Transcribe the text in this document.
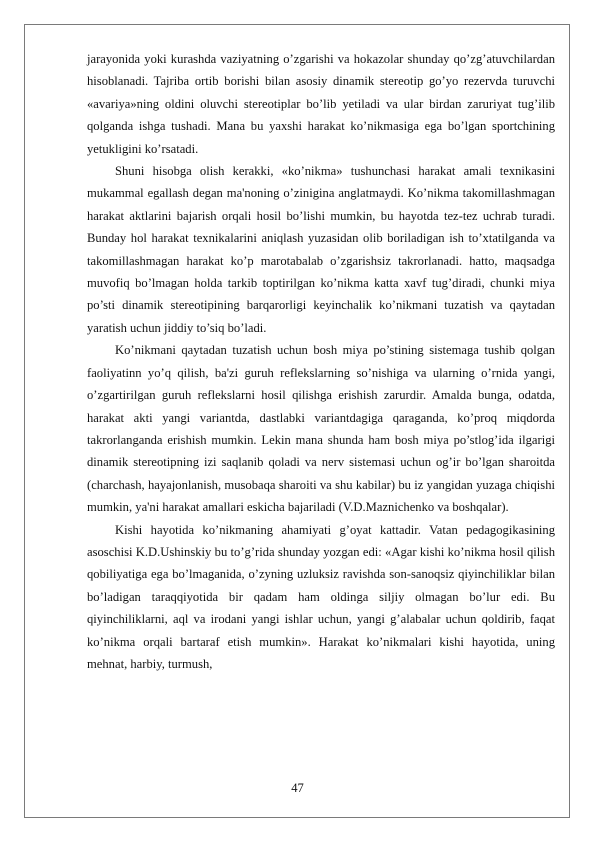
jarayonida yoki kurashda vaziyatning o’zgarishi va hokazolar shunday qo’zg’atuvchilardan hisoblanadi. Tajriba ortib borishi bilan asosiy dinamik stereotip go’yo rezervda turuvchi «avariya»ning oldini oluvchi stereotiplar bo’lib yetiladi va ular birdan zaruriyat tug’ilib qolganda ishga tushadi. Mana bu yaxshi harakat ko’nikmasiga ega bo’lgan sportchining yetukligini ko’rsatadi.

Shuni hisobga olish kerakki, «ko’nikma» tushunchasi harakat amali texnikasini mukammal egallash degan ma'noning o’zinigina anglatmaydi. Ko’nikma takomillashmagan harakat aktlarini bajarish orqali hosil bo’lishi mumkin, bu hayotda tez-tez uchrab turadi. Bunday hol harakat texnikalarini aniqlash yuzasidan olib boriladigan ish to’xtatilganda va takomillashmagan harakat ko’p marotabalab o’zgarishsiz takrorlanadi. hatto, maqsadga muvofiq bo’lmagan holda tarkib toptirilgan ko’nikma katta xavf tug’diradi, chunki miya po’sti dinamik stereotipining barqarorligi keyinchalik ko’nikmani tuzatish va qaytadan yaratish uchun jiddiy to’siq bo’ladi.

Ko’nikmani qaytadan tuzatish uchun bosh miya po’stining sistemaga tushib qolgan faoliyatinn yo’q qilish, ba'zi guruh reflekslarning so’nishiga va ularning o’rnida yangi, o’zgartirilgan guruh reflekslarni hosil qilishga erishish zarurdir. Amalda bunga, odatda, harakat akti yangi variantda, dastlabki variantdagiga qaraganda, ko’proq miqdorda takrorlanganda erishish mumkin. Lekin mana shunda ham bosh miya po’stlog’ida ilgarigi dinamik stereotipning izi saqlanib qoladi va nerv sistemasi uchun og’ir bo’lgan sharoitda (charchash, hayajonlanish, musobaqa sharoiti va shu kabilar) bu iz yangidan yuzaga chiqishi mumkin, ya'ni harakat amallari eskicha bajariladi (V.D.Maznichenko va boshqalar).

Kishi hayotida ko’nikmaning ahamiyati g’oyat kattadir. Vatan pedagogikasining asoschisi K.D.Ushinskiy bu to’g’rida shunday yozgan edi: «Agar kishi ko’nikma hosil qilish qobiliyatiga ega bo’lmaganida, o’zyning uzluksiz ravishda son-sanoqsiz qiyinchiliklar bilan bo’ladigan taraqqiyotida bir qadam ham oldinga siljiy olmagan bo’lur edi. Bu qiyinchiliklarni, aql va irodani yangi ishlar uchun, yangi g’alabalar uchun qoldirib, faqat ko’nikma orqali bartaraf etish mumkin». Harakat ko’nikmalari kishi hayotida, uning mehnat, harbiy, turmush,

47
